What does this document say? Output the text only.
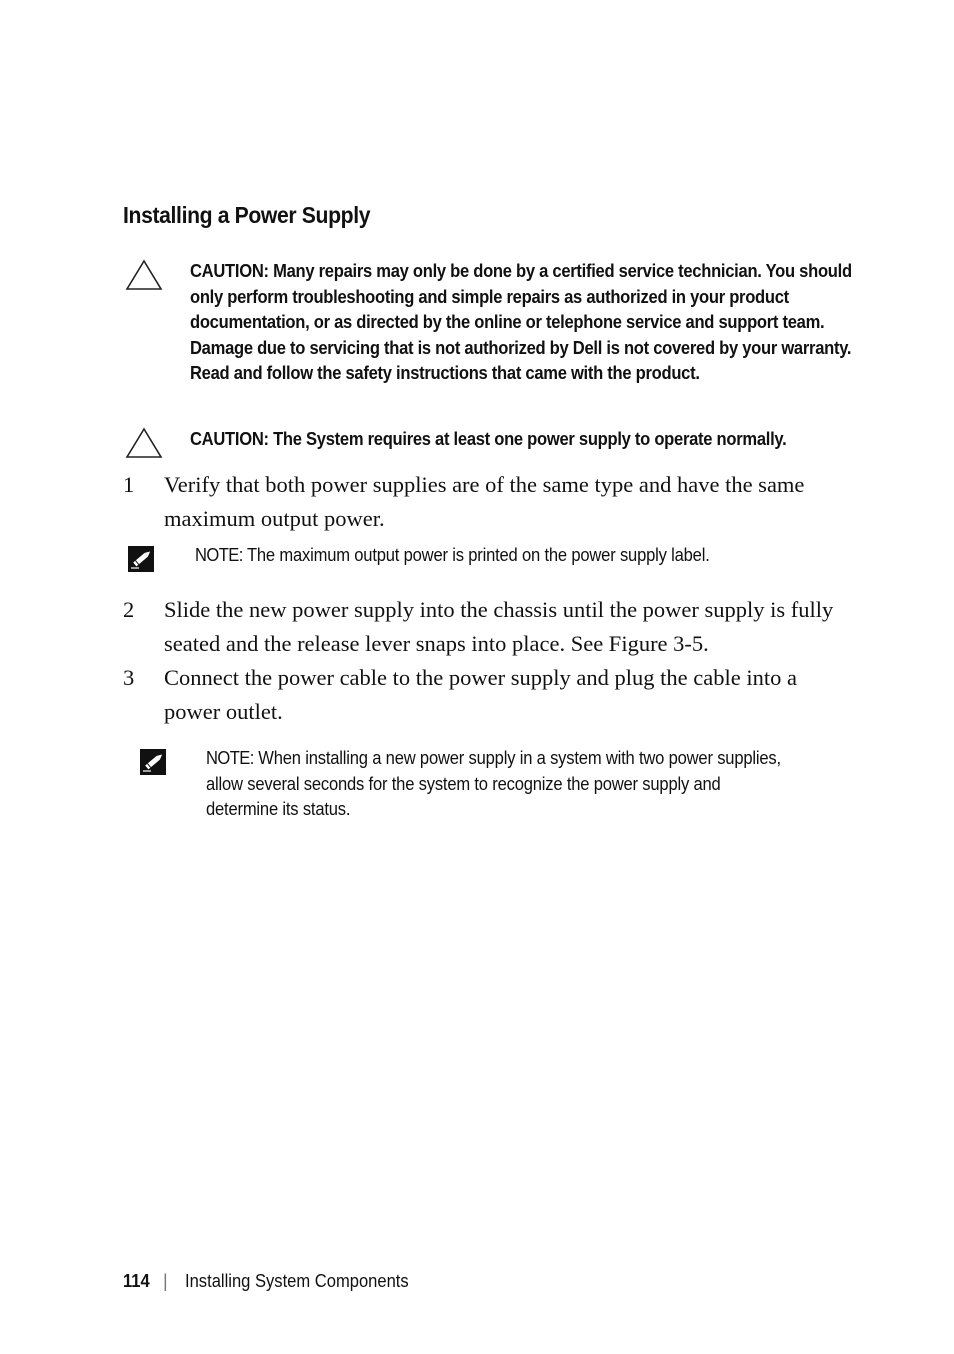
Installing a Power Supply
CAUTION: Many repairs may only be done by a certified service technician. You should only perform troubleshooting and simple repairs as authorized in your product documentation, or as directed by the online or telephone service and support team. Damage due to servicing that is not authorized by Dell is not covered by your warranty. Read and follow the safety instructions that came with the product.
CAUTION: The System requires at least one power supply to operate normally.
1 Verify that both power supplies are of the same type and have the same maximum output power.
NOTE: The maximum output power is printed on the power supply label.
2 Slide the new power supply into the chassis until the power supply is fully seated and the release lever snaps into place. See Figure 3-5.
3 Connect the power cable to the power supply and plug the cable into a power outlet.
NOTE: When installing a new power supply in a system with two power supplies, allow several seconds for the system to recognize the power supply and determine its status.
114 | Installing System Components
